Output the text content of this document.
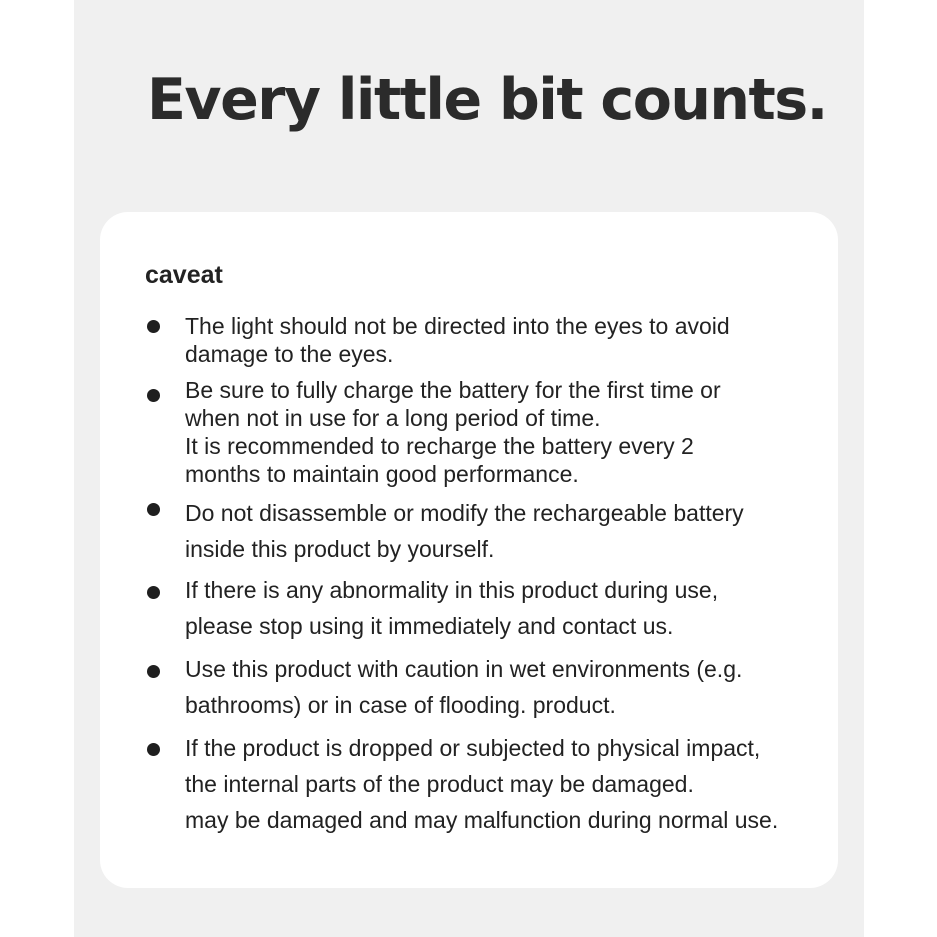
Every little bit counts.
caveat

The light should not be directed into the eyes to avoid
damage to the eyes.

Be sure to fully charge the battery for the first time or
when not in use for a long period of time.
It is recommended to recharge the battery every 2
months to maintain good performance.

Do not disassemble or modify the rechargeable battery
inside this product by yourself.

If there is any abnormality in this product during use,
please stop using it immediately and contact us.

Use this product with caution in wet environments (e.g.
bathrooms) or in case of flooding. product.

If the product is dropped or subjected to physical impact,
the internal parts of the product may be damaged.
may be damaged and may malfunction during normal use.
